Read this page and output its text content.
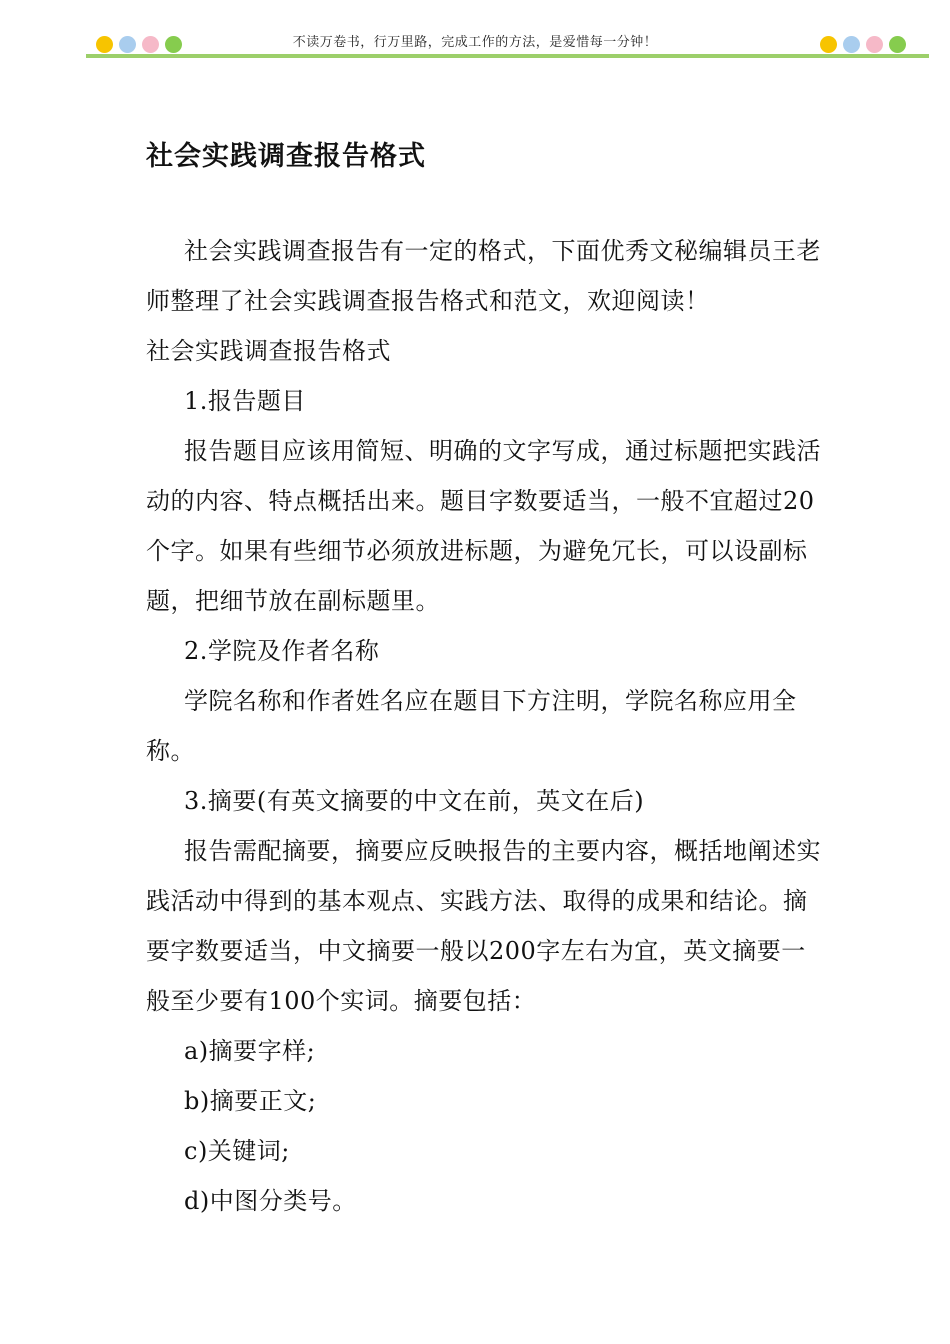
不读万卷书，行万里路，完成工作的方法，是爱惜每一分钟！
社会实践调查报告格式

社会实践调查报告有一定的格式，下面优秀文秘编辑员王老师整理了社会实践调查报告格式和范文，欢迎阅读！

社会实践调查报告格式

1.报告题目

报告题目应该用简短、明确的文字写成，通过标题把实践活动的内容、特点概括出来。题目字数要适当，一般不宜超过20个字。如果有些细节必须放进标题，为避免冗长，可以设副标题，把细节放在副标题里。

2.学院及作者名称

学院名称和作者姓名应在题目下方注明，学院名称应用全称。

3.摘要(有英文摘要的中文在前，英文在后)

报告需配摘要，摘要应反映报告的主要内容，概括地阐述实践活动中得到的基本观点、实践方法、取得的成果和结论。摘要字数要适当，中文摘要一般以200字左右为宜，英文摘要一般至少要有100个实词。摘要包括：

a)摘要字样;

b)摘要正文;

c)关键词;

d)中图分类号。
